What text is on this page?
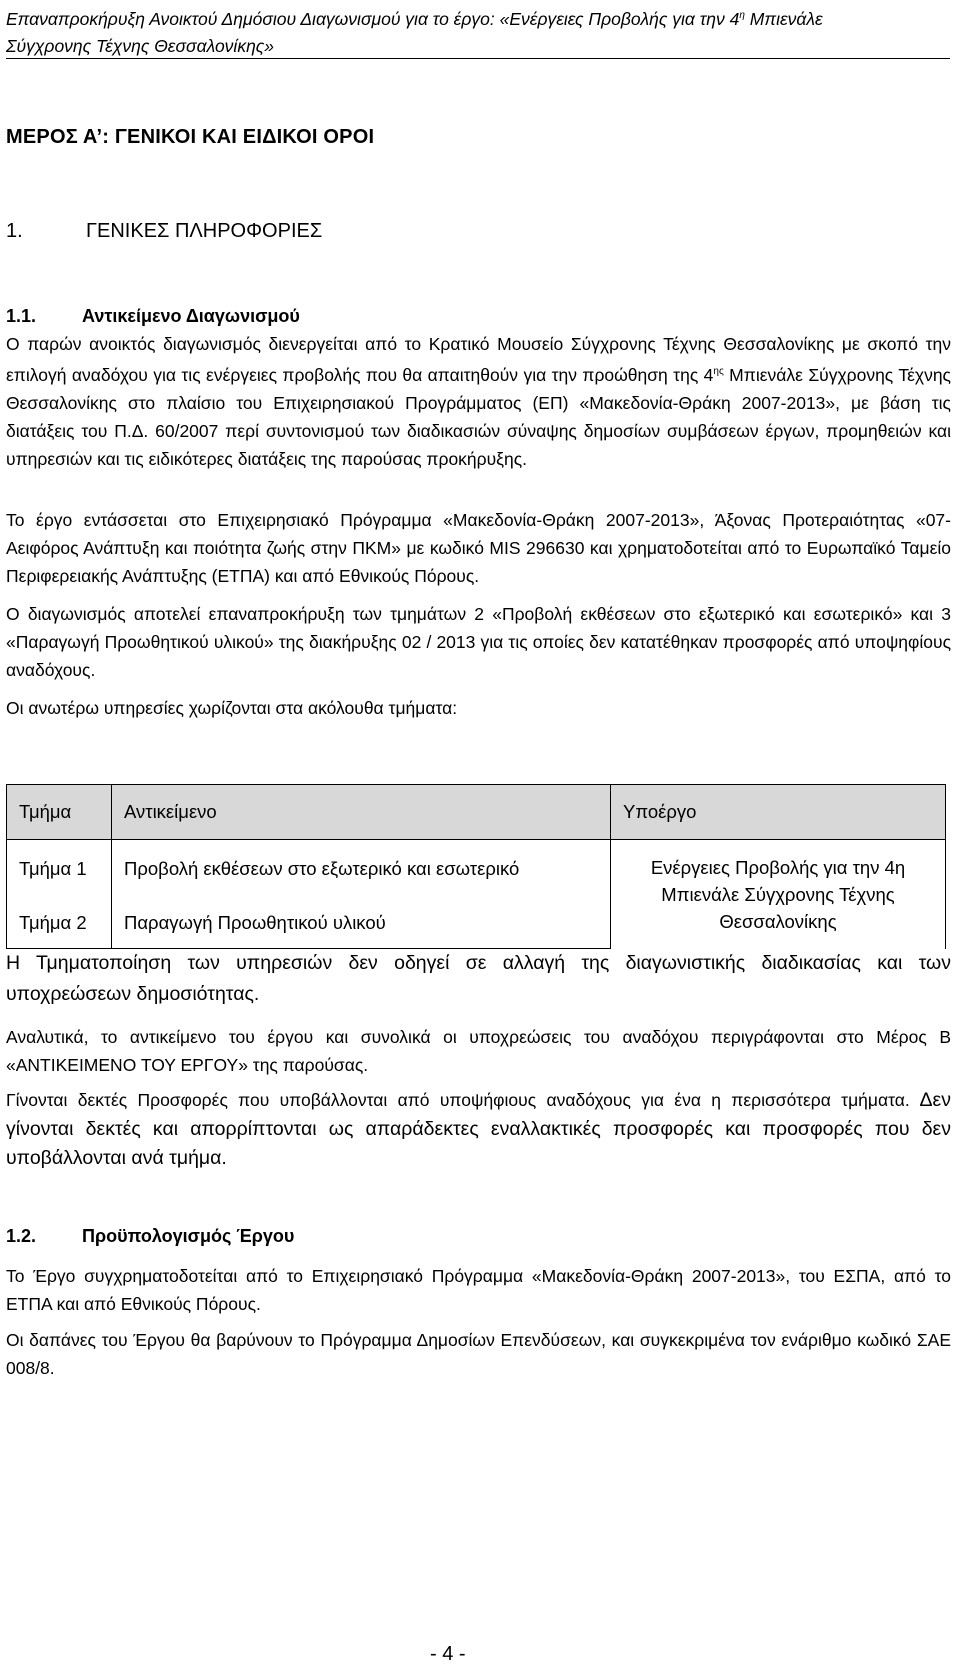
Επαναπροκήρυξη Ανοικτού Δημόσιου Διαγωνισμού για το έργο: «Ενέργειες Προβολής για την $4^\eta$ Μπιενάλε
Σύγχρονης Τέχνης Θεσσαλονίκης»
ΜΕΡΟΣ Α’: ΓΕΝΙΚΟΙ ΚΑΙ ΕΙΔΙΚΟΙ ΟΡΟΙ
1.	ΓΕΝΙΚΕΣ ΠΛΗΡΟΦΟΡΙΕΣ
1.1.	Αντικείμενο Διαγωνισμού
Ο παρών ανοικτός διαγωνισμός διενεργείται από το Κρατικό Μουσείο Σύγχρονης Τέχνης Θεσσαλονίκης με σκοπό την επιλογή αναδόχου για τις ενέργειες προβολής που θα απαιτηθούν για την προώθηση της $4^{\eta\varsigma}$ Μπιενάλε Σύγχρονης Τέχνης Θεσσαλονίκης στο πλαίσιο του Επιχειρησιακού Προγράμματος (ΕΠ) «Μακεδονία-Θράκη 2007-2013», με βάση τις διατάξεις του Π.Δ. 60/2007 περί συντονισμού των διαδικασιών σύναψης δημοσίων συμβάσεων έργων, προμηθειών και υπηρεσιών και τις ειδικότερες διατάξεις της παρούσας προκήρυξης.
Το έργο εντάσσεται στο Επιχειρησιακό Πρόγραμμα «Μακεδονία-Θράκη 2007-2013», Άξονας Προτεραιότητας «07-Αειφόρος Ανάπτυξη και ποιότητα ζωής στην ΠΚΜ» με κωδικό MIS 296630 και χρηματοδοτείται από το Ευρωπαϊκό Ταμείο Περιφερειακής Ανάπτυξης (ΕΤΠΑ) και από Εθνικούς Πόρους.
Ο διαγωνισμός αποτελεί επαναπροκήρυξη των τμημάτων 2 «Προβολή εκθέσεων στο εξωτερικό και εσωτερικό» και 3 «Παραγωγή Προωθητικού υλικού» της διακήρυξης 02 / 2013 για τις οποίες δεν κατατέθηκαν προσφορές από υποψηφίους αναδόχους.
Οι ανωτέρω υπηρεσίες χωρίζονται στα ακόλουθα τμήματα:
Τμήμα	Αντικείμενο	Υποέργο
Τμήμα 1	Προβολή εκθέσεων στο εξωτερικό και εσωτερικό	Ενέργειες Προβολής για την 4η Μπιενάλε Σύγχρονης Τέχνης Θεσσαλονίκης
Τμήμα 2	Παραγωγή Προωθητικού υλικού	
Η Τμηματοποίηση των υπηρεσιών δεν οδηγεί σε αλλαγή της διαγωνιστικής διαδικασίας και των υποχρεώσεων δημοσιότητας.
Αναλυτικά, το αντικείμενο του έργου και συνολικά οι υποχρεώσεις του αναδόχου περιγράφονται στο Μέρος Β «ΑΝΤΙΚΕΙΜΕΝΟ ΤΟΥ ΕΡΓΟΥ» της παρούσας.
Γίνονται δεκτές Προσφορές που υποβάλλονται από υποψήφιους αναδόχους για ένα η περισσότερα τμήματα. Δεν γίνονται δεκτές και απορρίπτονται ως απαράδεκτες εναλλακτικές προσφορές και προσφορές που δεν υποβάλλονται ανά τμήμα.
1.2.	Προϋπολογισμός Έργου
Το Έργο συγχρηματοδοτείται από το Επιχειρησιακό Πρόγραμμα «Μακεδονία-Θράκη 2007-2013», του ΕΣΠΑ, από το ΕΤΠΑ και από Εθνικούς Πόρους.
Οι δαπάνες του Έργου θα βαρύνουν το Πρόγραμμα Δημοσίων Επενδύσεων, και συγκεκριμένα τον ενάριθμο κωδικό ΣΑΕ 008/8.
- 4 -
